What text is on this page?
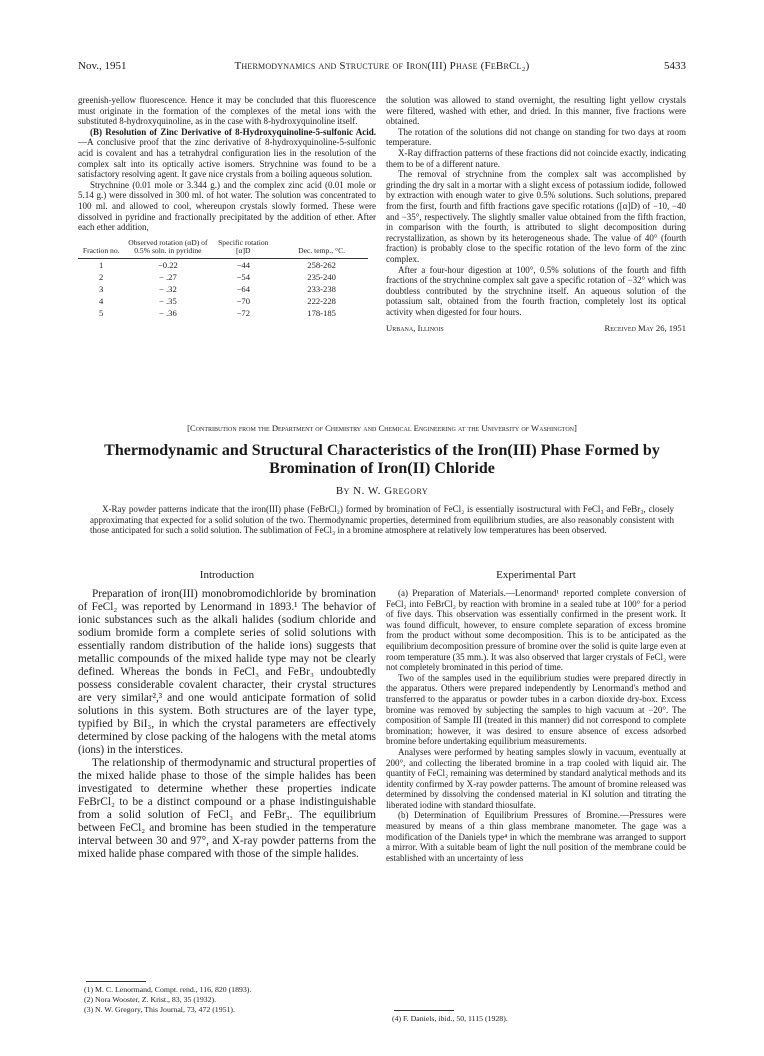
Nov., 1951	Thermodynamics and Structure of Iron(III) Phase (FeBrCl₂)	5433

greenish-yellow fluorescence. Hence it may be concluded that this fluorescence must originate in the formation of the complexes of the metal ions with the substituted 8-hydroxyquinoline, as in the case with 8-hydroxyquinoline itself.

(B) Resolution of Zinc Derivative of 8-Hydroxyquinoline-5-sulfonic Acid.—A conclusive proof that the zinc derivative of 8-hydroxyquinoline-5-sulfonic acid is covalent and has a tetrahydral configuration lies in the resolution of the complex salt into its optically active isomers. Strychnine was found to be a satisfactory resolving agent. It gave nice crystals from a boiling aqueous solution.

Strychnine (0.01 mole or 3.344 g.) and the complex zinc acid (0.01 mole or 5.14 g.) were dissolved in 300 ml. of hot water. The solution was concentrated to 100 ml. and allowed to cool, whereupon crystals slowly formed. These were dissolved in pyridine and fractionally precipitated by the addition of ether. After each ether addition,

Fraction no.	Observed rotation (αD) of 0.5% soln. in pyridine	Specific rotation [α]D	Dec. temp., °C.
1	−0.22	−44	258-262
2	− .27	−54	235-240
3	− .32	−64	233-238
4	− .35	−70	222-228
5	− .36	−72	178-185

the solution was allowed to stand overnight, the resulting light yellow crystals were filtered, washed with ether, and dried. In this manner, five fractions were obtained.

The rotation of the solutions did not change on standing for two days at room temperature.

X-Ray diffraction patterns of these fractions did not coincide exactly, indicating them to be of a different nature.

The removal of strychnine from the complex salt was accomplished by grinding the dry salt in a mortar with a slight excess of potassium iodide, followed by extraction with enough water to give 0.5% solutions. Such solutions, prepared from the first, fourth and fifth fractions gave specific rotations ([α]D) of −10, −40 and −35°, respectively. The slightly smaller value obtained from the fifth fraction, in comparison with the fourth, is attributed to slight decomposition during recrystallization, as shown by its heterogeneous shade. The value of 40° (fourth fraction) is probably close to the specific rotation of the levo form of the zinc complex.

After a four-hour digestion at 100°, 0.5% solutions of the fourth and fifth fractions of the strychnine complex salt gave a specific rotation of −32° which was doubtless contributed by the strychnine itself. An aqueous solution of the potassium salt, obtained from the fourth fraction, completely lost its optical activity when digested for four hours.

Urbana, Illinois	Received May 26, 1951
[Contribution from the Department of Chemistry and Chemical Engineering at the University of Washington]
Thermodynamic and Structural Characteristics of the Iron(III) Phase Formed by Bromination of Iron(II) Chloride
By N. W. Gregory

X-Ray powder patterns indicate that the iron(III) phase (FeBrCl₂) formed by bromination of FeCl₂ is essentially isostructural with FeCl₃ and FeBr₃, closely approximating that expected for a solid solution of the two. Thermodynamic properties, determined from equilibrium studies, are also reasonably consistent with those anticipated for such a solid solution. The sublimation of FeCl₃ in a bromine atmosphere at relatively low temperatures has been observed.

Introduction	Experimental Part

Preparation of iron(III) monobromodichloride by bromination of FeCl₂ was reported by Lenormand in 1893.¹ The behavior of ionic substances such as the alkali halides (sodium chloride and sodium bromide form a complete series of solid solutions with essentially random distribution of the halide ions) suggests that metallic compounds of the mixed halide type may not be clearly defined. Whereas the bonds in FeCl₃ and FeBr₃ undoubtedly possess considerable covalent character, their crystal structures are very similar²,³ and one would anticipate formation of solid solutions in this system. Both structures are of the layer type, typified by BiI₃, in which the crystal parameters are effectively determined by close packing of the halogens with the metal atoms (ions) in the interstices.

The relationship of thermodynamic and structural properties of the mixed halide phase to those of the simple halides has been investigated to determine whether these properties indicate FeBrCl₂ to be a distinct compound or a phase indistinguishable from a solid solution of FeCl₃ and FeBr₃. The equilibrium between FeCl₂ and bromine has been studied in the temperature interval between 30 and 97°, and X-ray powder patterns from the mixed halide phase compared with those of the simple halides.

(a) Preparation of Materials.—Lenormand¹ reported complete conversion of FeCl₂ into FeBrCl₂ by reaction with bromine in a sealed tube at 100° for a period of five days. This observation was essentially confirmed in the present work. It was found difficult, however, to ensure complete separation of excess bromine from the product without some decomposition. This is to be anticipated as the equilibrium decomposition pressure of bromine over the solid is quite large even at room temperature (35 mm.). It was also observed that larger crystals of FeCl₂ were not completely brominated in this period of time.

Two of the samples used in the equilibrium studies were prepared directly in the apparatus. Others were prepared independently by Lenormand's method and transferred to the apparatus or powder tubes in a carbon dioxide dry-box. Excess bromine was removed by subjecting the samples to high vacuum at −20°. The composition of Sample III (treated in this manner) did not correspond to complete bromination; however, it was desired to ensure absence of excess adsorbed bromine before undertaking equilibrium measurements.

Analyses were performed by heating samples slowly in vacuum, eventually at 200°, and collecting the liberated bromine in a trap cooled with liquid air. The quantity of FeCl₂ remaining was determined by standard analytical methods and its identity confirmed by X-ray powder patterns. The amount of bromine released was determined by dissolving the condensed material in KI solution and titrating the liberated iodine with standard thiosulfate.

(b) Determination of Equilibrium Pressures of Bromine.—Pressures were measured by means of a thin glass membrane manometer. The gage was a modification of the Daniels type⁴ in which the membrane was arranged to support a mirror. With a suitable beam of light the null position of the membrane could be established with an uncertainty of less

(1) M. C. Lenormand, Compt. rend., 116, 820 (1893).

(2) Nora Wooster, Z. Krist., 83, 35 (1932).

(3) N. W. Gregory, This Journal, 73, 472 (1951).

(4) F. Daniels, ibid., 50, 1115 (1928).
